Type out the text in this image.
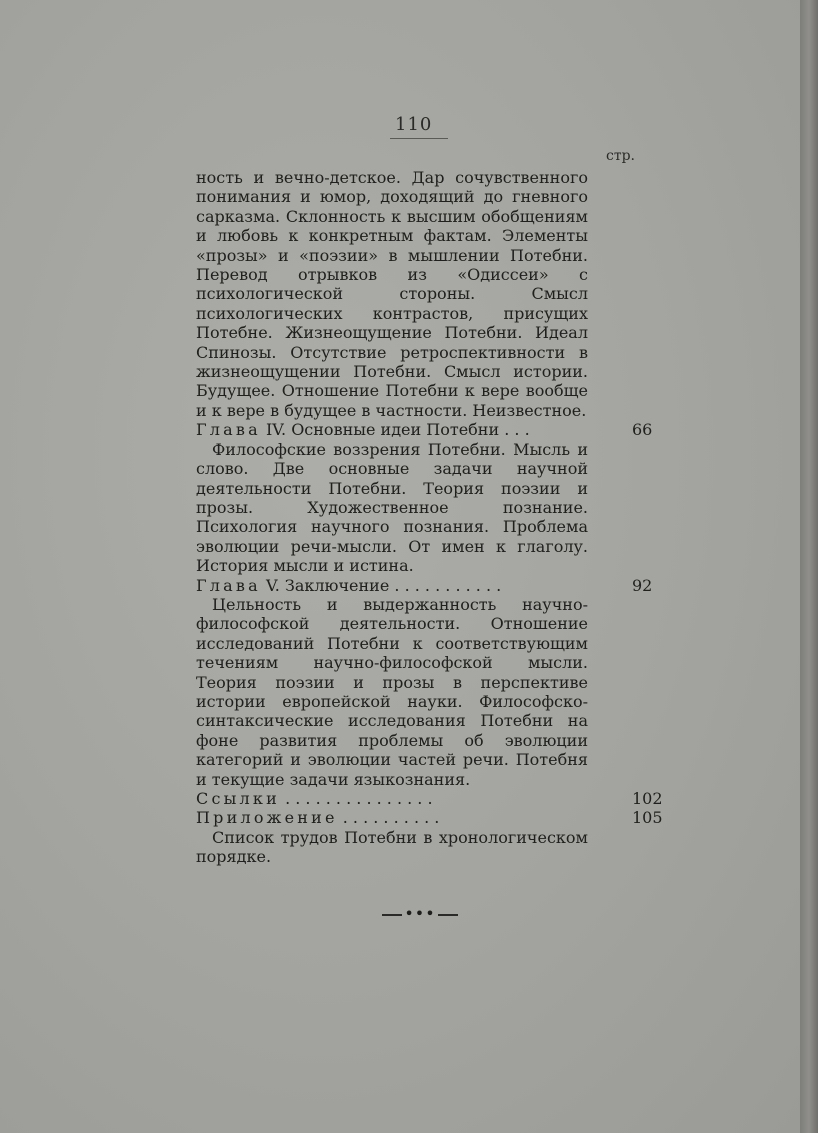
110
стр.

ность и вечно-детское. Дар сочувственного понимания и юмор, доходящий до гневного сарказма. Склонность к высшим обобщениям и любовь к конкретным фактам. Элементы «прозы» и «поэзии» в мышлении Потебни. Перевод отрывков из «Одиссеи» с психологической стороны. Смысл психологических контрастов, присущих Потебне. Жизнеощущение Потебни. Идеал Спинозы. Отсутствие ретроспективности в жизнеощущении Потебни. Смысл истории. Будущее. Отношение Потебни к вере вообще и к вере в будущее в частности. Неизвестное.

Глава IV. Основные идеи Потебни . . .	66

Философские воззрения Потебни. Мысль и слово. Две основные задачи научной деятельности Потебни. Теория поэзии и прозы. Художественное познание. Психология научного познания. Проблема эволюции речи-мысли. От имен к глаголу. История мысли и истина.

Глава V. Заключение . . . . . . . . . . .	92

Цельность и выдержанность научно-философской деятельности. Отношение исследований Потебни к соответствующим течениям научно-философской мысли. Теория поэзии и прозы в перспективе истории европейской науки. Философско-синтаксические исследования Потебни на фоне развития проблемы об эволюции категорий и эволюции частей речи. Потебня и текущие задачи языкознания.

Ссылки . . . . . . . . . . . . . . .	102

Приложение . . . . . . . . . .	105

Список трудов Потебни в хронологическом порядке.

•••
